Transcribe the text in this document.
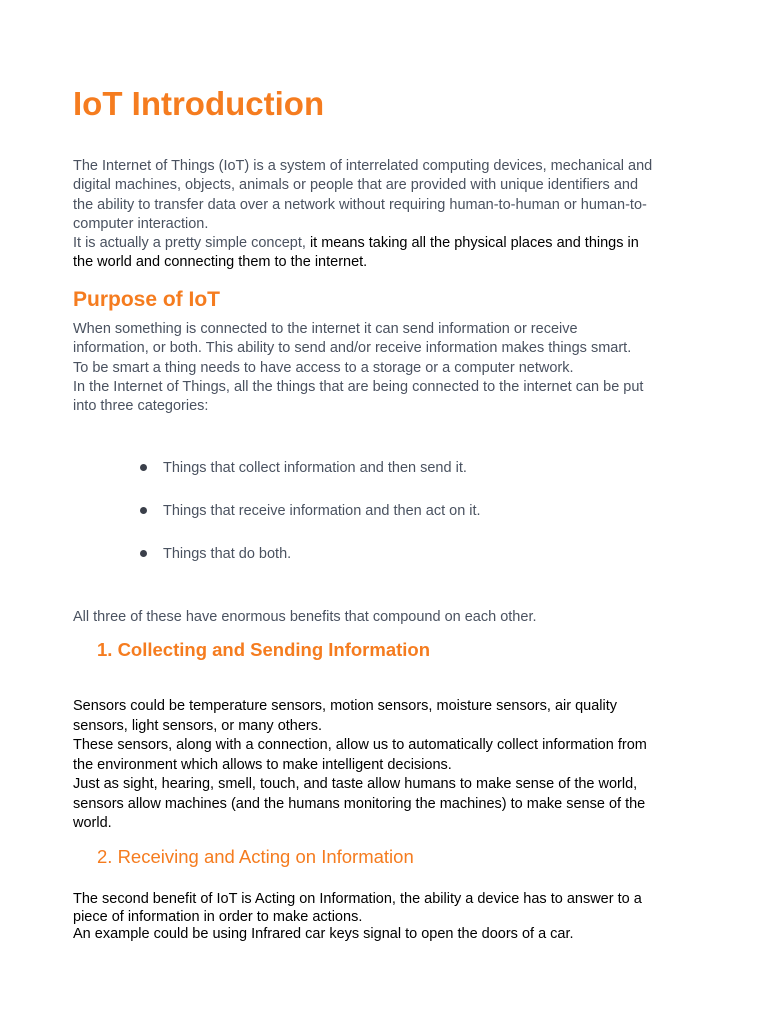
IoT Introduction
The Internet of Things (IoT) is a system of interrelated computing devices, mechanical and
digital machines, objects, animals or people that are provided with unique identifiers and
the ability to transfer data over a network without requiring human-to-human or human-to-
computer interaction.
It is actually a pretty simple concept, it means taking all the physical places and things in
the world and connecting them to the internet.
Purpose of IoT
When something is connected to the internet it can send information or receive
information, or both. This ability to send and/or receive information makes things smart.
To be smart a thing needs to have access to a storage or a computer network.
In the Internet of Things, all the things that are being connected to the internet can be put
into three categories:
Things that collect information and then send it.
Things that receive information and then act on it.
Things that do both.
All three of these have enormous benefits that compound on each other.
1. Collecting and Sending Information
Sensors could be temperature sensors, motion sensors, moisture sensors, air quality
sensors, light sensors, or many others.
These sensors, along with a connection, allow us to automatically collect information from
the environment which allows to make intelligent decisions.
Just as sight, hearing, smell, touch, and taste allow humans to make sense of the world,
sensors allow machines (and the humans monitoring the machines) to make sense of the
world.
2. Receiving and Acting on Information
The second benefit of IoT is Acting on Information, the ability a device has to answer to a
piece of information in order to make actions.
An example could be using Infrared car keys signal to open the doors of a car.
